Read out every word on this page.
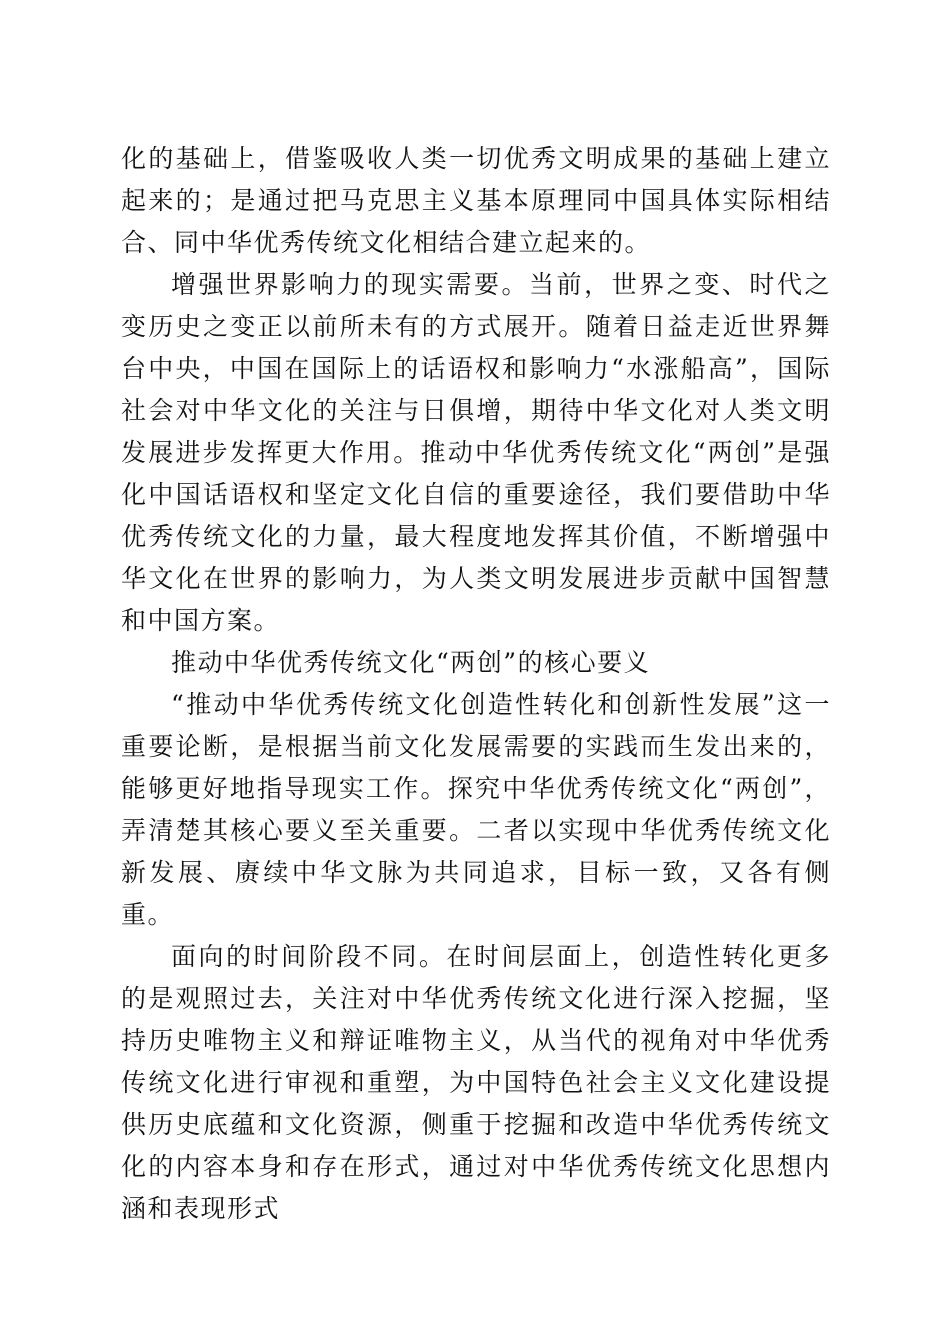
化的基础上，借鉴吸收人类一切优秀文明成果的基础上建立起来的；是通过把马克思主义基本原理同中国具体实际相结合、同中华优秀传统文化相结合建立起来的。

增强世界影响力的现实需要。当前，世界之变、时代之变历史之变正以前所未有的方式展开。随着日益走近世界舞台中央，中国在国际上的话语权和影响力“水涨船高”，国际社会对中华文化的关注与日俱增，期待中华文化对人类文明发展进步发挥更大作用。推动中华优秀传统文化“两创”是强化中国话语权和坚定文化自信的重要途径，我们要借助中华优秀传统文化的力量，最大程度地发挥其价值，不断增强中华文化在世界的影响力，为人类文明发展进步贡献中国智慧和中国方案。

推动中华优秀传统文化“两创”的核心要义

“推动中华优秀传统文化创造性转化和创新性发展”这一重要论断，是根据当前文化发展需要的实践而生发出来的，能够更好地指导现实工作。探究中华优秀传统文化“两创”，弄清楚其核心要义至关重要。二者以实现中华优秀传统文化新发展、赓续中华文脉为共同追求，目标一致，又各有侧重。

面向的时间阶段不同。在时间层面上，创造性转化更多的是观照过去，关注对中华优秀传统文化进行深入挖掘，坚持历史唯物主义和辩证唯物主义，从当代的视角对中华优秀传统文化进行审视和重塑，为中国特色社会主义文化建设提供历史底蕴和文化资源，侧重于挖掘和改造中华优秀传统文化的内容本身和存在形式，通过对中华优秀传统文化思想内涵和表现形式
